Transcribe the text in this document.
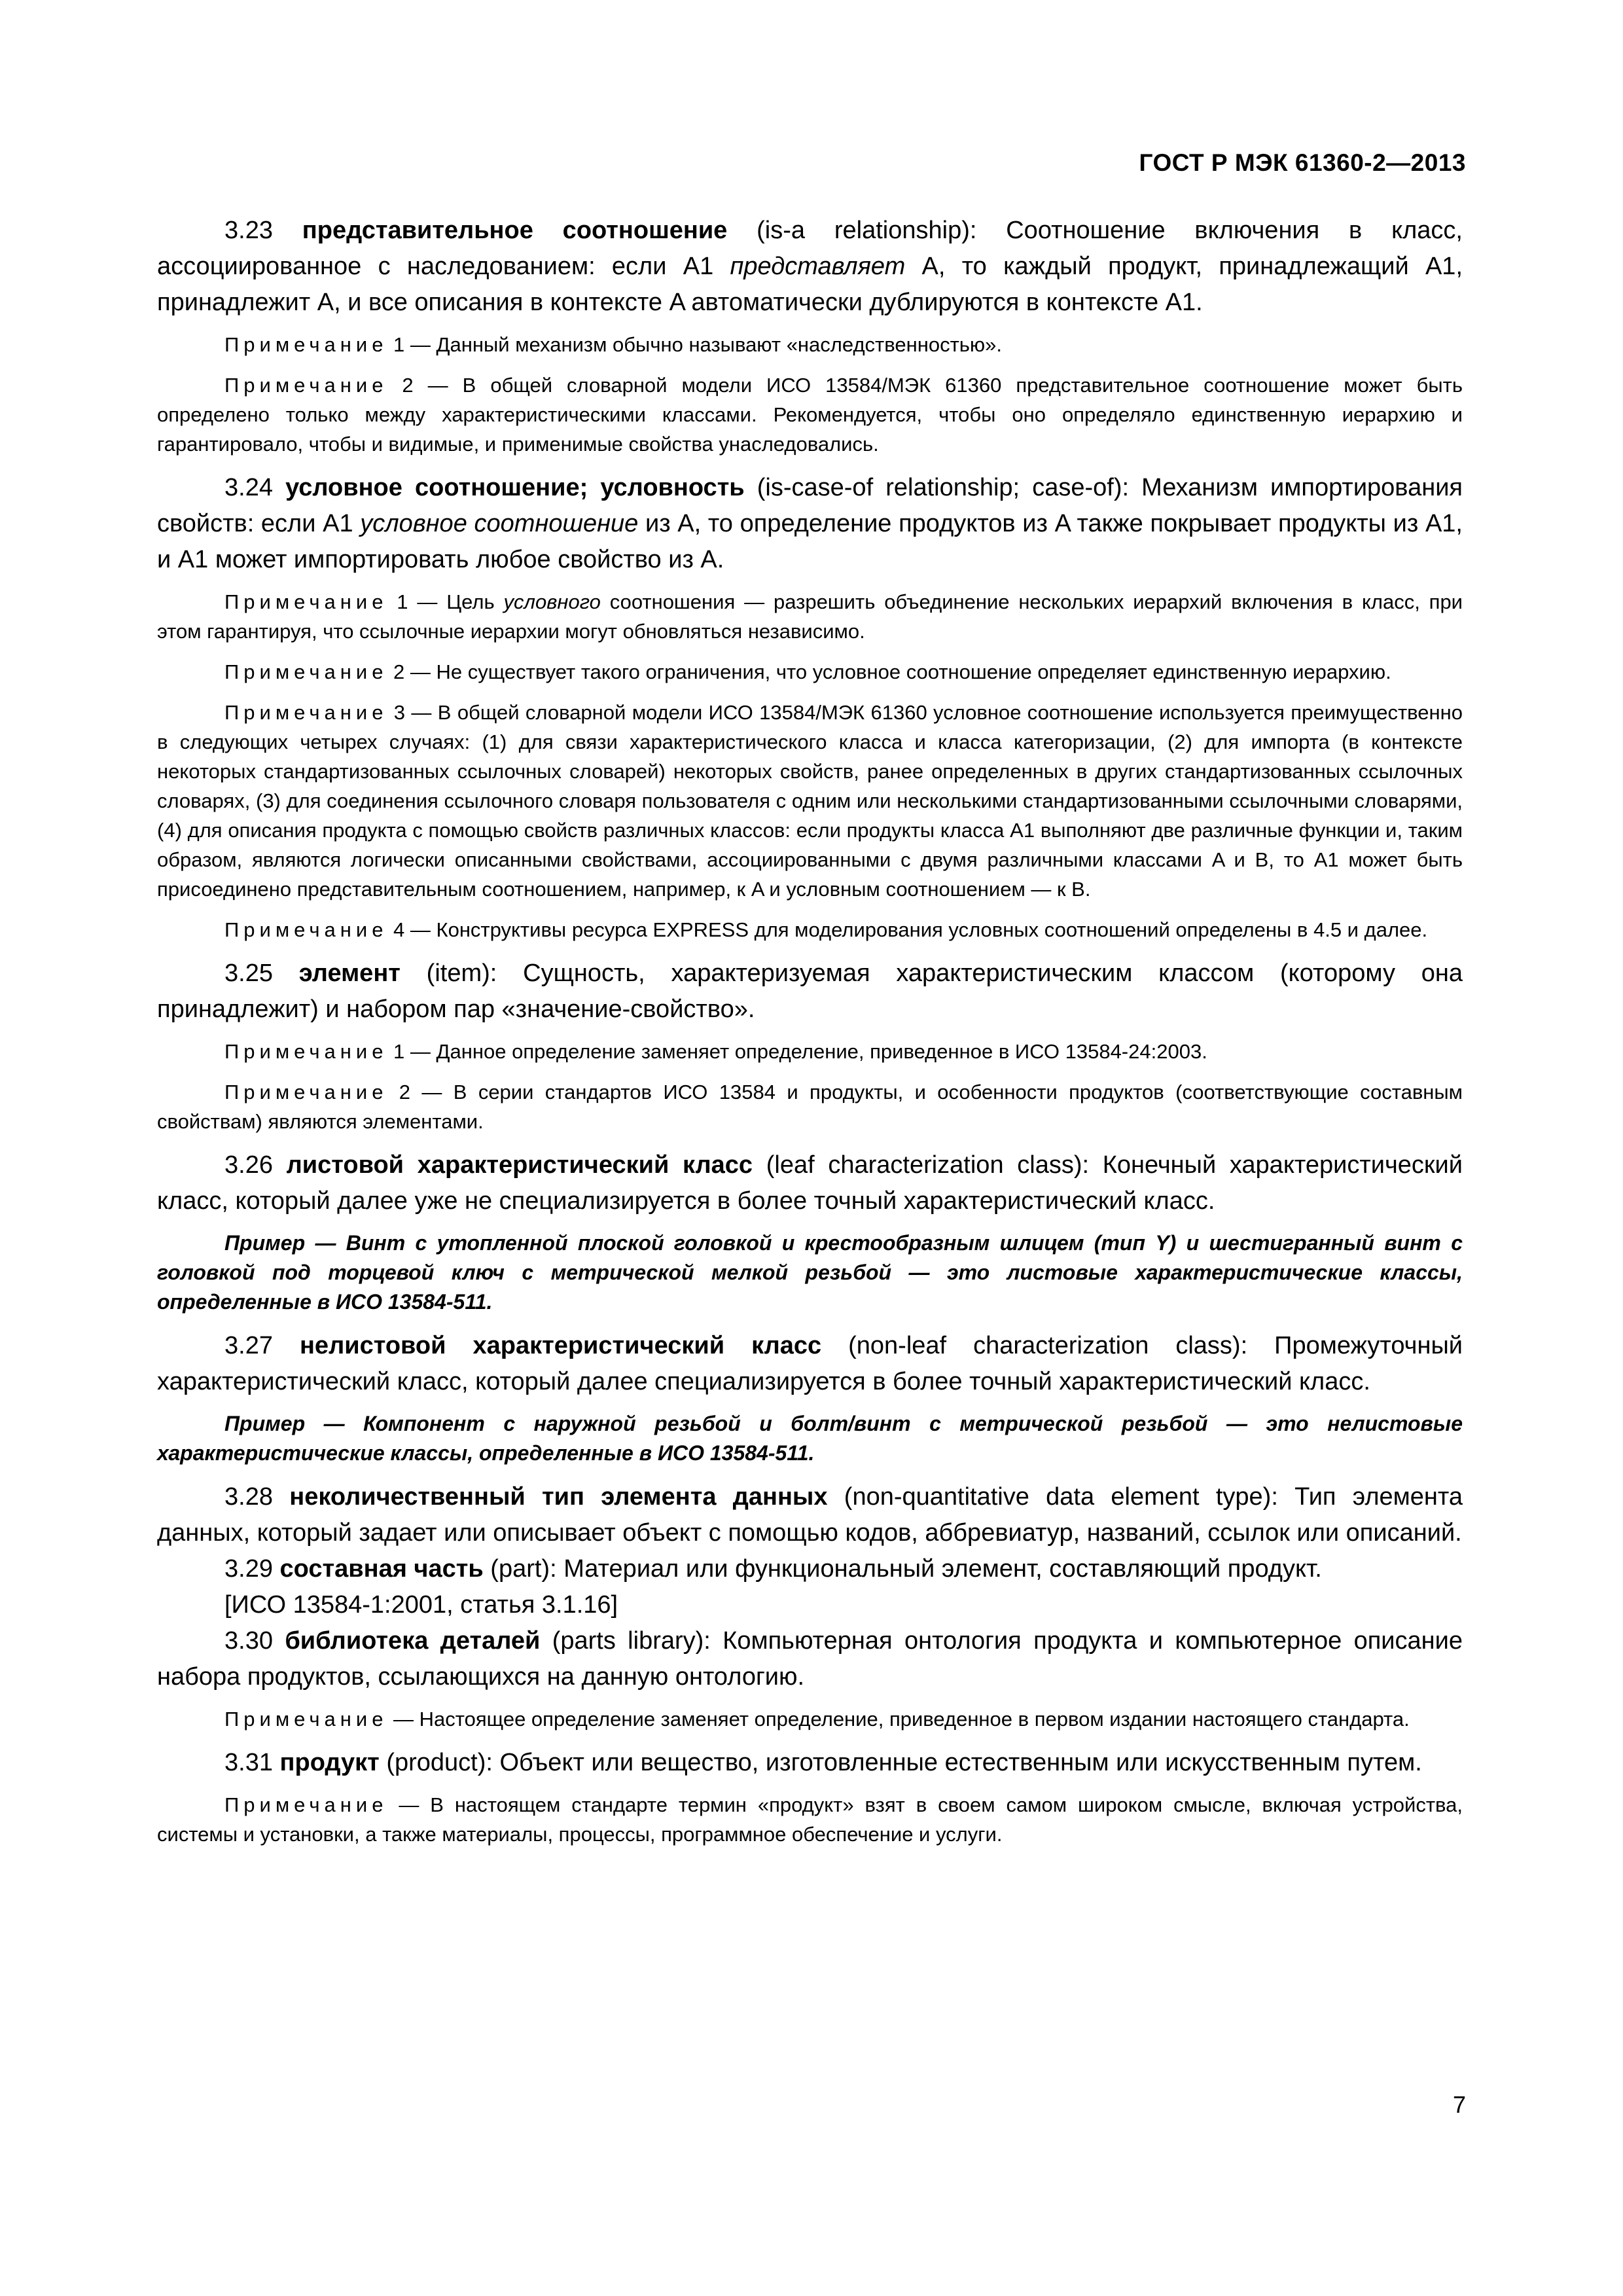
ГОСТ Р МЭК 61360-2—2013

3.23 представительное соотношение (is-a relationship): Соотношение включения в класс, ассоциированное с наследованием: если A1 представляет A, то каждый продукт, принадлежащий A1, принадлежит A, и все описания в контексте A автоматически дублируются в контексте A1.

Примечание 1 — Данный механизм обычно называют «наследственностью».

Примечание 2 — В общей словарной модели ИСО 13584/МЭК 61360 представительное соотношение может быть определено только между характеристическими классами. Рекомендуется, чтобы оно определяло единственную иерархию и гарантировало, чтобы и видимые, и применимые свойства унаследовались.

3.24 условное соотношение; условность (is-case-of relationship; case-of): Механизм импортирования свойств: если A1 условное соотношение из A, то определение продуктов из A также покрывает продукты из A1, и A1 может импортировать любое свойство из A.

Примечание 1 — Цель условного соотношения — разрешить объединение нескольких иерархий включения в класс, при этом гарантируя, что ссылочные иерархии могут обновляться независимо.

Примечание 2 — Не существует такого ограничения, что условное соотношение определяет единственную иерархию.

Примечание 3 — В общей словарной модели ИСО 13584/МЭК 61360 условное соотношение используется преимущественно в следующих четырех случаях: (1) для связи характеристического класса и класса категоризации, (2) для импорта (в контексте некоторых стандартизованных ссылочных словарей) некоторых свойств, ранее определенных в других стандартизованных ссылочных словарях, (3) для соединения ссылочного словаря пользователя с одним или несколькими стандартизованными ссылочными словарями, (4) для описания продукта с помощью свойств различных классов: если продукты класса A1 выполняют две различные функции и, таким образом, являются логически описанными свойствами, ассоциированными с двумя различными классами A и B, то A1 может быть присоединено представительным соотношением, например, к A и условным соотношением — к B.

Примечание 4 — Конструктивы ресурса EXPRESS для моделирования условных соотношений определены в 4.5 и далее.

3.25 элемент (item): Сущность, характеризуемая характеристическим классом (которому она принадлежит) и набором пар «значение-свойство».

Примечание 1 — Данное определение заменяет определение, приведенное в ИСО 13584-24:2003.

Примечание 2 — В серии стандартов ИСО 13584 и продукты, и особенности продуктов (соответствующие составным свойствам) являются элементами.

3.26 листовой характеристический класс (leaf characterization class): Конечный характеристический класс, который далее уже не специализируется в более точный характеристический класс.

Пример — Винт с утопленной плоской головкой и крестообразным шлицем (тип Y) и шестигранный винт с головкой под торцевой ключ с метрической мелкой резьбой — это листовые характеристические классы, определенные в ИСО 13584-511.

3.27 нелистовой характеристический класс (non-leaf characterization class): Промежуточный характеристический класс, который далее специализируется в более точный характеристический класс.

Пример — Компонент с наружной резьбой и болт/винт с метрической резьбой — это нелистовые характеристические классы, определенные в ИСО 13584-511.

3.28 неколичественный тип элемента данных (non-quantitative data element type): Тип элемента данных, который задает или описывает объект с помощью кодов, аббревиатур, названий, ссылок или описаний.

3.29 составная часть (part): Материал или функциональный элемент, составляющий продукт.

[ИСО 13584-1:2001, статья 3.1.16]

3.30 библиотека деталей (parts library): Компьютерная онтология продукта и компьютерное описание набора продуктов, ссылающихся на данную онтологию.

Примечание — Настоящее определение заменяет определение, приведенное в первом издании настоящего стандарта.

3.31 продукт (product): Объект или вещество, изготовленные естественным или искусственным путем.

Примечание — В настоящем стандарте термин «продукт» взят в своем самом широком смысле, включая устройства, системы и установки, а также материалы, процессы, программное обеспечение и услуги.

7
